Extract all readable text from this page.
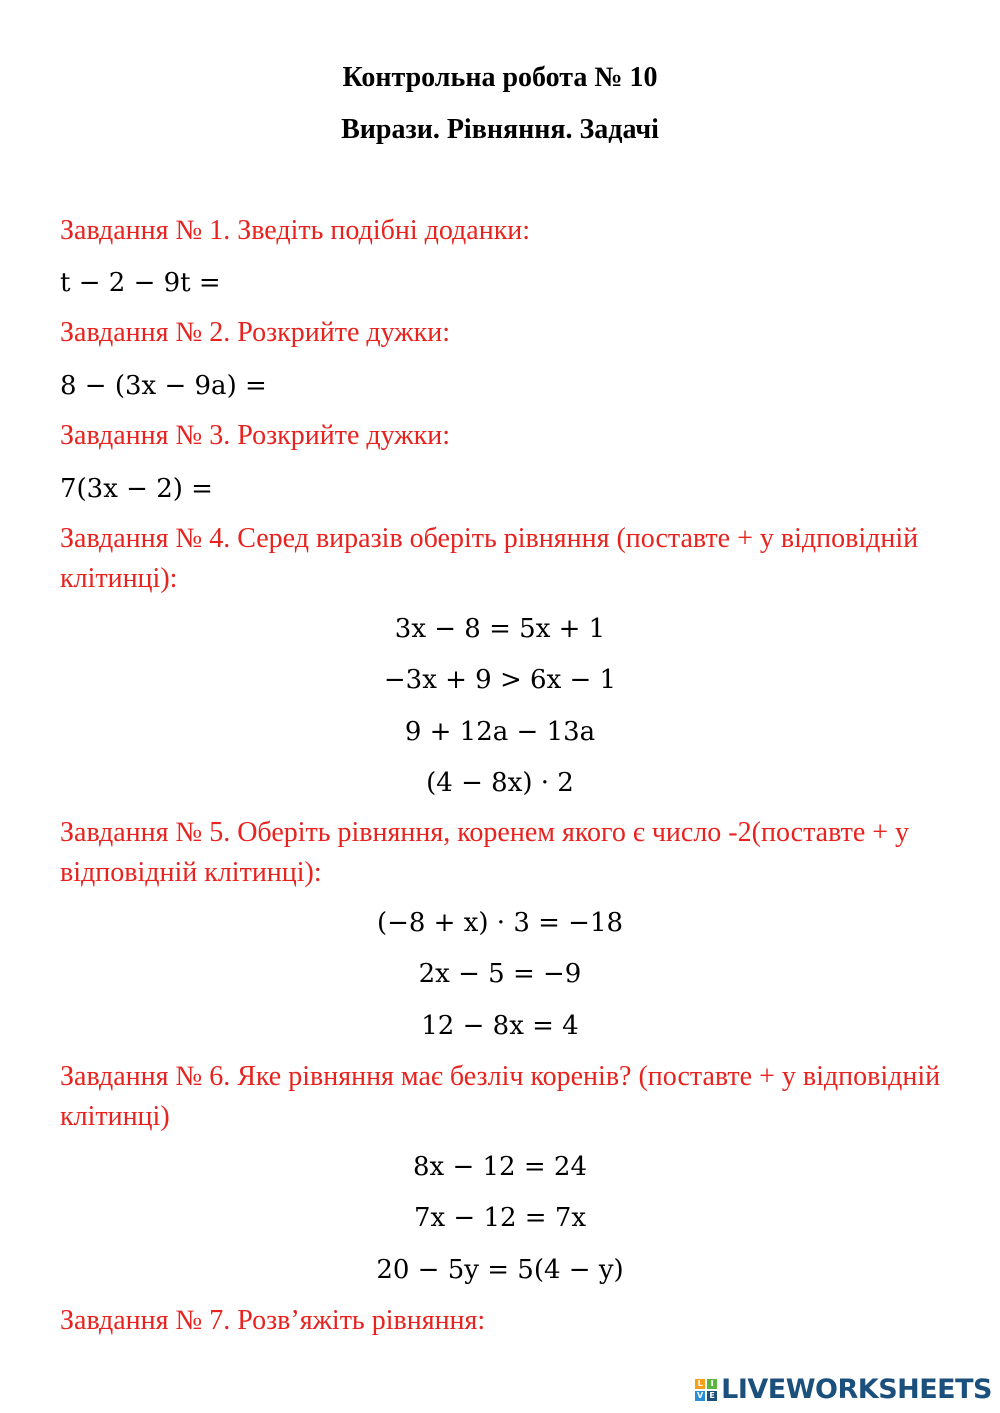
Контрольна робота № 10
Вирази. Рівняння. Задачі
Завдання № 1. Зведіть подібні доданки:
t − 2 − 9t =
Завдання № 2. Розкрийте дужки:
8 − (3x − 9a) =
Завдання № 3. Розкрийте дужки:
7(3x − 2) =
Завдання № 4. Серед виразів оберіть рівняння (поставте + у відповідній клітинці):
3x − 8 = 5x + 1
−3x + 9 > 6x − 1
9 + 12a − 13a
(4 − 8x) · 2
Завдання № 5. Оберіть рівняння, коренем якого є число -2(поставте + у відповідній клітинці):
(−8 + x) · 3 = −18
2x − 5 = −9
12 − 8x = 4
Завдання № 6. Яке рівняння має безліч коренів? (поставте + у відповідній клітинці)
8x − 12 = 24
7x − 12 = 7x
20 − 5y = 5(4 − y)
Завдання № 7. Розв’яжіть рівняння:
L I
V E LIVEWORKSHEETS
